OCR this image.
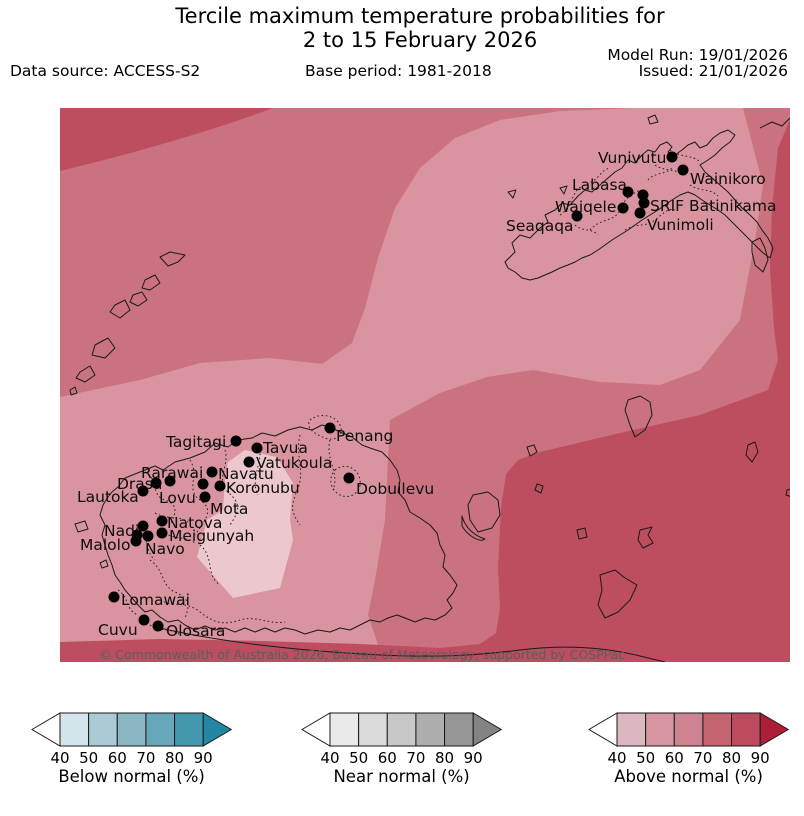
Tercile maximum temperature probabilities for
2 to 15 February 2026
Data source: ACCESS-S2	Base period: 1981-2018
Model Run: 19/01/2026
Issued: 21/01/2026
Vunivutu
Wainikoro
Labasa
Waiqele SRIF Batinikama
Seaqaqa	Vunimoli
Penang
Tagitagi Tavua
Vatukoula
Rarawai Navatu
Drasa	Koronubu
Lautoka Lovu
Mota
Natova
Nadi Meigunyah
Malolo Navo
Dobuilevu
Lomawai
Cuvu Olosara
© Commonwealth of Australia 2026, Bureau of Meteorology, supported by COSPPac
40 50 60 70 80 90
Below normal (%)
40 50 60 70 80 90
Near normal (%)
40 50 60 70 80 90
Above normal (%)
